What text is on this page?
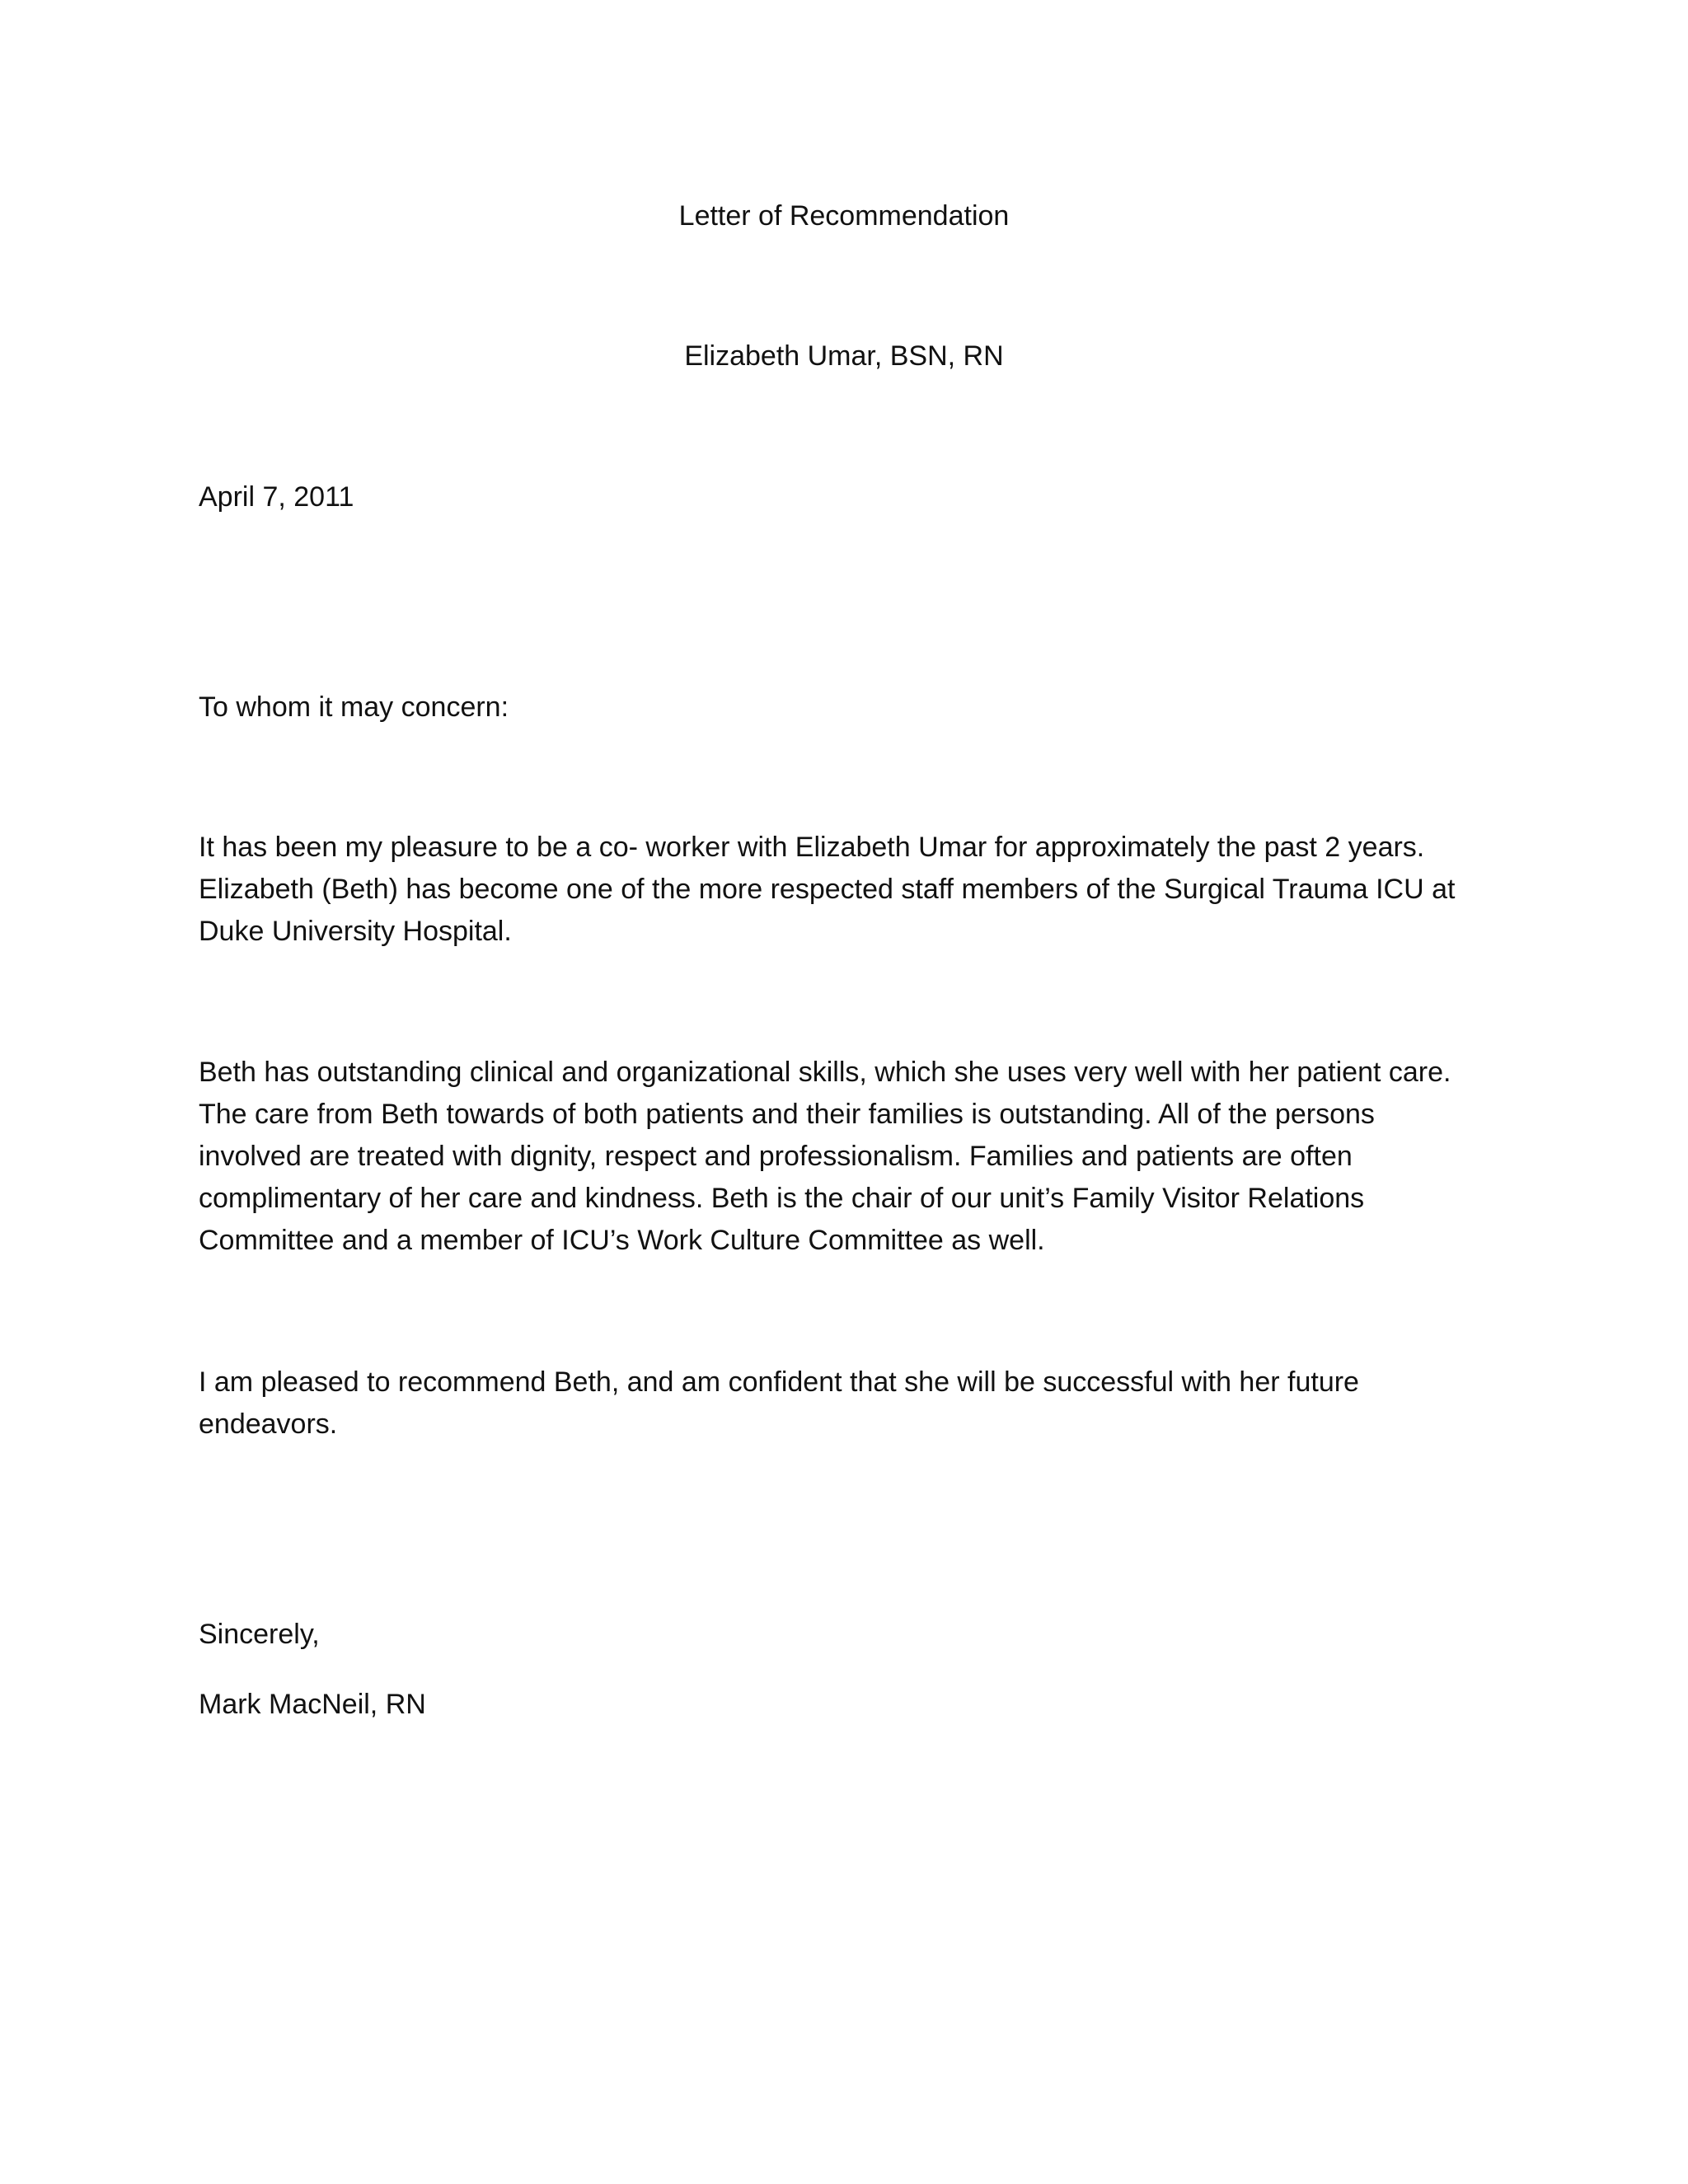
Letter of Recommendation

Elizabeth Umar, BSN, RN

April 7, 2011

To whom it may concern:

It has been my pleasure to be a co- worker with Elizabeth Umar for approximately the past 2 years.
Elizabeth (Beth) has become one of the more respected staff members of the Surgical Trauma ICU at
Duke University Hospital.

Beth has outstanding clinical and organizational skills, which she uses very well with her patient care.
The care from Beth towards of both patients and their families is outstanding. All of the persons
involved are treated with dignity, respect and professionalism. Families and patients are often
complimentary of her care and kindness. Beth is the chair of our unit’s Family Visitor Relations
Committee and a member of ICU’s Work Culture Committee as well.

I am pleased to recommend Beth, and am confident that she will be successful with her future
endeavors.

Sincerely,

Mark MacNeil, RN
